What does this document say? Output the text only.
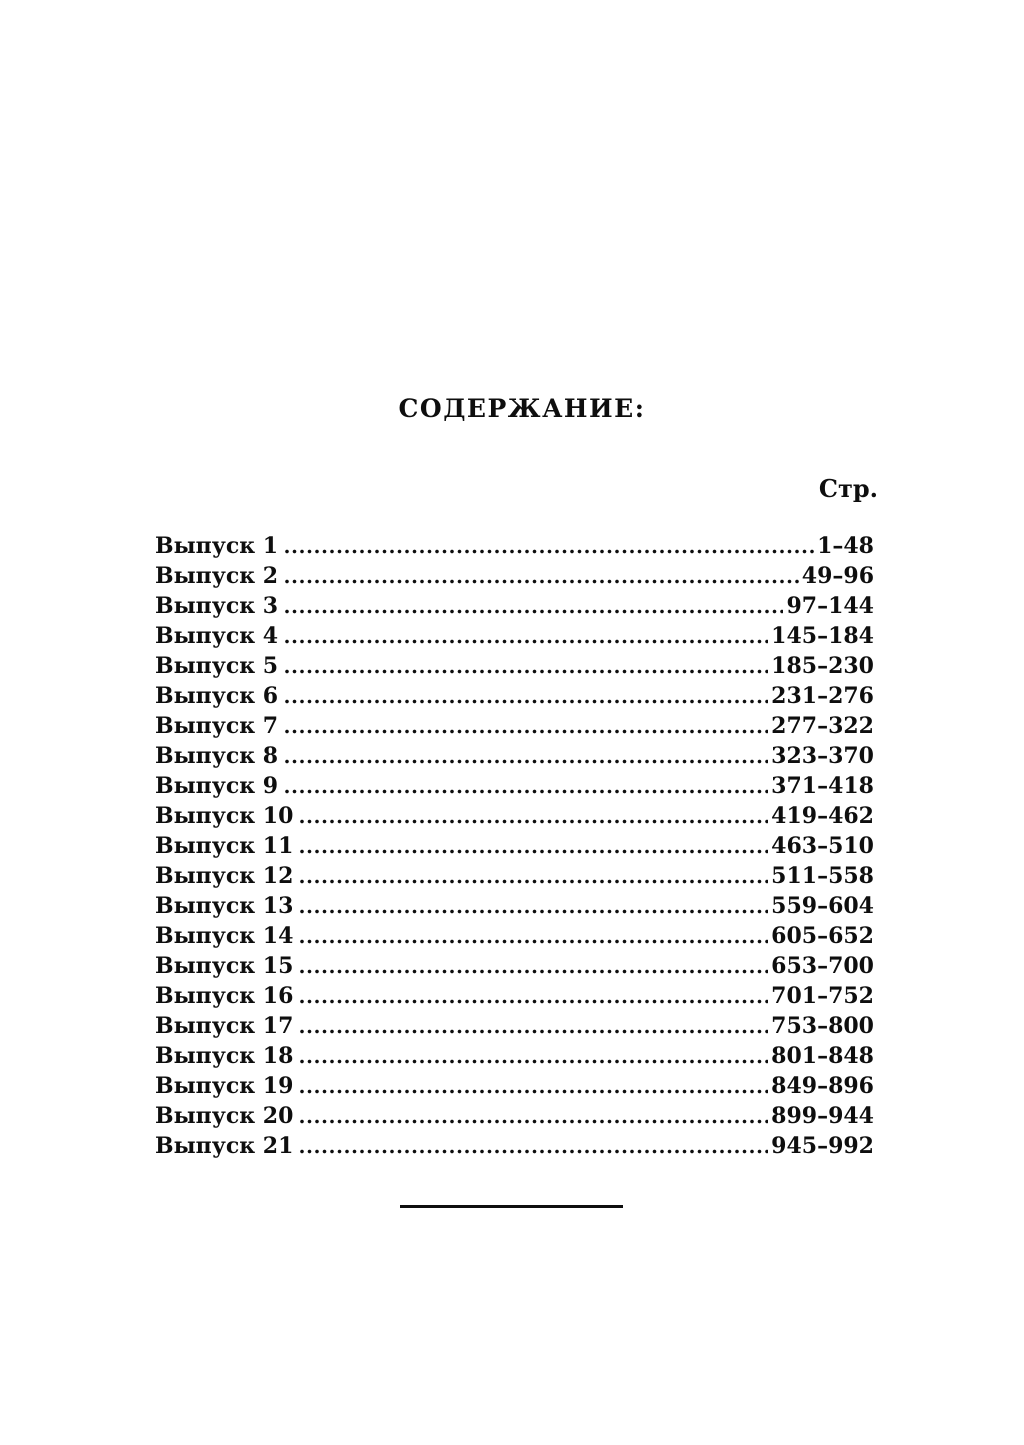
СОДЕРЖАНИЕ:
Стр.
Выпуск 1	1–48
Выпуск 2	49–96
Выпуск 3	97–144
Выпуск 4	145–184
Выпуск 5	185–230
Выпуск 6	231–276
Выпуск 7	277–322
Выпуск 8	323–370
Выпуск 9	371–418
Выпуск 10	419–462
Выпуск 11	463–510
Выпуск 12	511–558
Выпуск 13	559–604
Выпуск 14	605–652
Выпуск 15	653–700
Выпуск 16	701–752
Выпуск 17	753–800
Выпуск 18	801–848
Выпуск 19	849–896
Выпуск 20	899–944
Выпуск 21	945–992
